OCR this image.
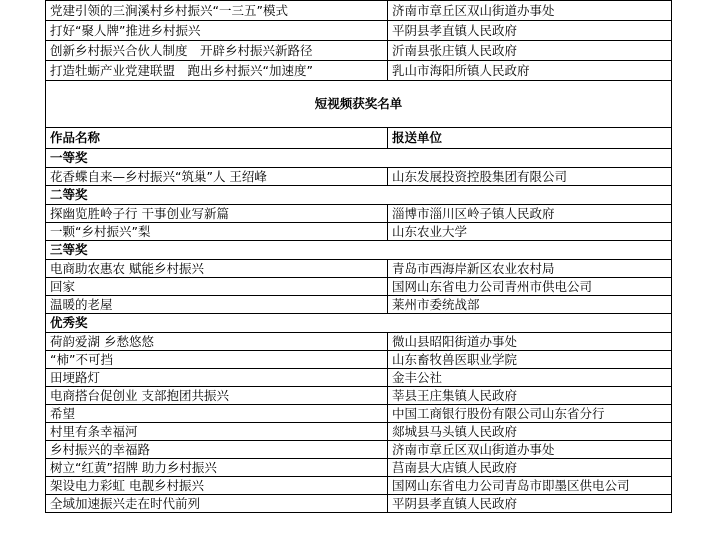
党建引领的三涧溪村乡村振兴“一三五”模式	济南市章丘区双山街道办事处
打好“聚人牌”推进乡村振兴	平阴县孝直镇人民政府
创新乡村振兴合伙人制度　开辟乡村振兴新路径	沂南县张庄镇人民政府
打造牡蛎产业党建联盟　跑出乡村振兴“加速度”	乳山市海阳所镇人民政府
短视频获奖名单	
作品名称	报送单位
一等奖	
花香蝶自来—乡村振兴“筑巢”人 王绍峰	山东发展投资控股集团有限公司
二等奖	
探幽览胜岭子行 干事创业写新篇	淄博市淄川区岭子镇人民政府
一颗“乡村振兴”梨	山东农业大学
三等奖	
电商助农惠农 赋能乡村振兴	青岛市西海岸新区农业农村局
回家	国网山东省电力公司青州市供电公司
温暖的老屋	莱州市委统战部
优秀奖	
荷韵爱湖 乡愁悠悠	微山县昭阳街道办事处
“柿”不可挡	山东畜牧兽医职业学院
田埂路灯	金丰公社
电商搭台促创业 支部抱团共振兴	莘县王庄集镇人民政府
希望	中国工商银行股份有限公司山东省分行
村里有条幸福河	郯城县马头镇人民政府
乡村振兴的幸福路	济南市章丘区双山街道办事处
树立“红黄”招牌 助力乡村振兴	莒南县大店镇人民政府
架设电力彩虹 电靓乡村振兴	国网山东省电力公司青岛市即墨区供电公司
全域加速振兴走在时代前列	平阴县孝直镇人民政府
